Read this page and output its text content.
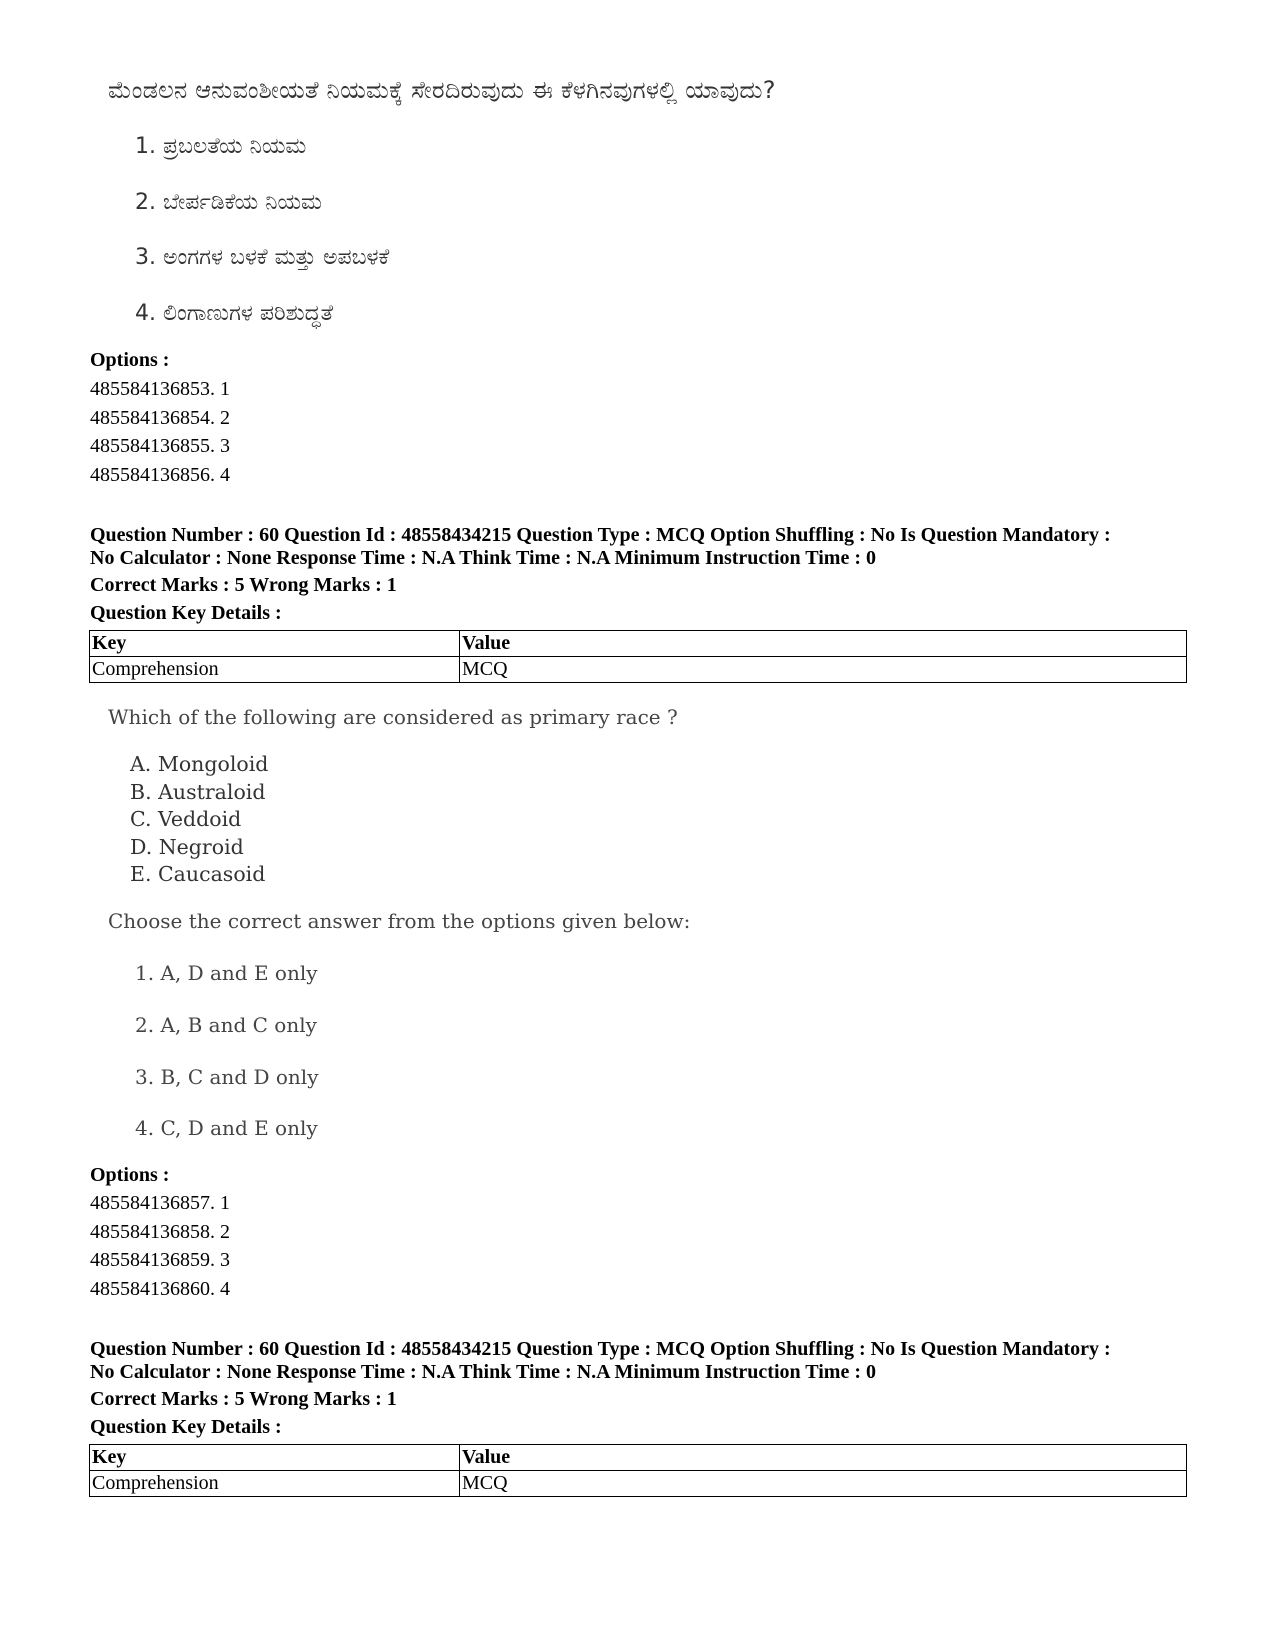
ಮೆಂಡಲನ ಆನುವಂಶೀಯತೆ ನಿಯಮಕ್ಕೆ ಸೇರದಿರುವುದು ಈ ಕೆಳಗಿನವುಗಳಲ್ಲಿ ಯಾವುದು?
1. ಪ್ರಬಲತೆಯ ನಿಯಮ
2. ಬೇರ್ಪಡಿಕೆಯ ನಿಯಮ
3. ಅಂಗಗಳ ಬಳಕೆ ಮತ್ತು ಅಪಬಳಕೆ
4. ಲಿಂಗಾಣುಗಳ ಪರಿಶುದ್ಧತೆ
Options :
485584136853. 1
485584136854. 2
485584136855. 3
485584136856. 4
Question Number : 60 Question Id : 48558434215 Question Type : MCQ Option Shuffling : No Is Question Mandatory :
No Calculator : None Response Time : N.A Think Time : N.A Minimum Instruction Time : 0
Correct Marks : 5 Wrong Marks : 1
Question Key Details :
Key	Value
Comprehension	MCQ
Which of the following are considered as primary race ?
A. Mongoloid
B. Australoid
C. Veddoid
D. Negroid
E. Caucasoid
Choose the correct answer from the options given below:
1. A, D and E only
2. A, B and C only
3. B, C and D only
4. C, D and E only
Options :
485584136857. 1
485584136858. 2
485584136859. 3
485584136860. 4
Question Number : 60 Question Id : 48558434215 Question Type : MCQ Option Shuffling : No Is Question Mandatory :
No Calculator : None Response Time : N.A Think Time : N.A Minimum Instruction Time : 0
Correct Marks : 5 Wrong Marks : 1
Question Key Details :
Key	Value
Comprehension	MCQ
